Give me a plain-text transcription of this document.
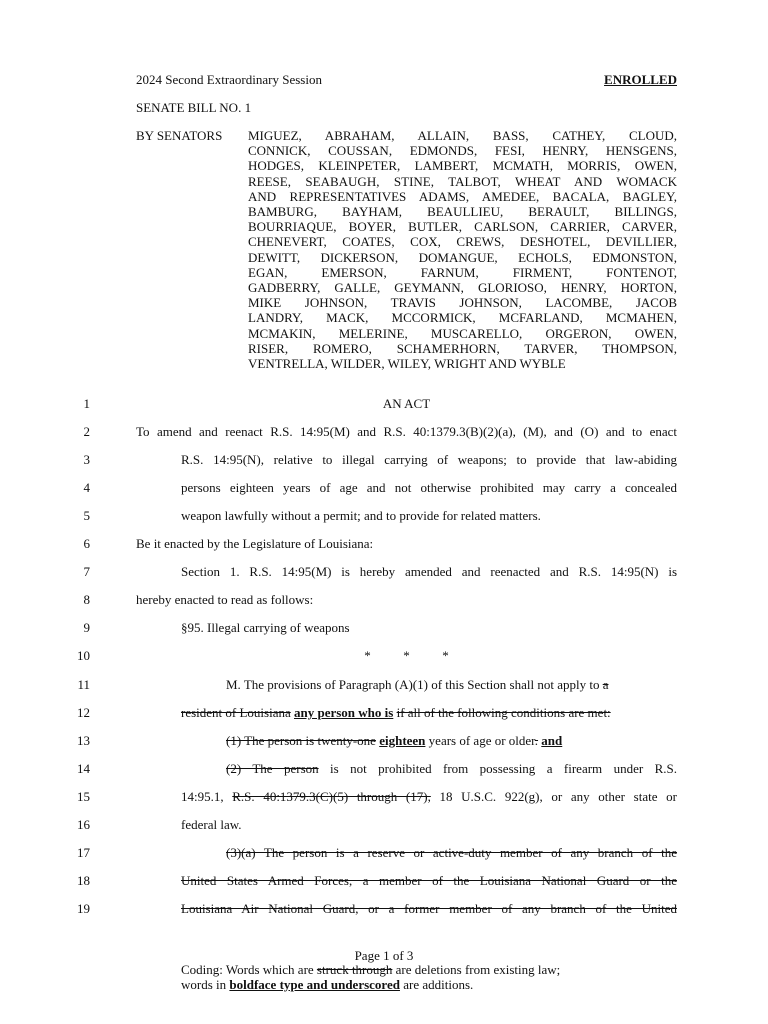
2024 Second Extraordinary Session	ENROLLED
SENATE BILL NO. 1
BY SENATORS MIGUEZ, ABRAHAM, ALLAIN, BASS, CATHEY, CLOUD,
CONNICK, COUSSAN, EDMONDS, FESI, HENRY, HENSGENS,
HODGES, KLEINPETER, LAMBERT, MCMATH, MORRIS, OWEN,
REESE, SEABAUGH, STINE, TALBOT, WHEAT AND WOMACK
AND REPRESENTATIVES ADAMS, AMEDEE, BACALA, BAGLEY,
BAMBURG, BAYHAM, BEAULLIEU, BERAULT, BILLINGS,
BOURRIAQUE, BOYER, BUTLER, CARLSON, CARRIER, CARVER,
CHENEVERT, COATES, COX, CREWS, DESHOTEL, DEVILLIER,
DEWITT, DICKERSON, DOMANGUE, ECHOLS, EDMONSTON,
EGAN, EMERSON, FARNUM, FIRMENT, FONTENOT,
GADBERRY, GALLE, GEYMANN, GLORIOSO, HENRY, HORTON,
MIKE JOHNSON, TRAVIS JOHNSON, LACOMBE, JACOB
LANDRY, MACK, MCCORMICK, MCFARLAND, MCMAHEN,
MCMAKIN, MELERINE, MUSCARELLO, ORGERON, OWEN,
RISER, ROMERO, SCHAMERHORN, TARVER, THOMPSON,
VENTRELLA, WILDER, WILEY, WRIGHT AND WYBLE
1
2
3
4
5
6
7
8
9
10
11
12
13
14
15
16
17
18
19
AN ACT
To amend and reenact R.S. 14:95(M) and R.S. 40:1379.3(B)(2)(a), (M), and (O) and to enact
R.S. 14:95(N), relative to illegal carrying of weapons; to provide that law-abiding
persons eighteen years of age and not otherwise prohibited may carry a concealed
weapon lawfully without a permit; and to provide for related matters.
Be it enacted by the Legislature of Louisiana:
Section 1. R.S. 14:95(M) is hereby amended and reenacted and R.S. 14:95(N) is
hereby enacted to read as follows:
§95. Illegal carrying of weapons
*          *          *
M. The provisions of Paragraph (A)(1) of this Section shall not apply to a
resident of Louisiana any person who is if all of the following conditions are met:
(1) The person is twenty-one eighteen years of age or older. and
(2) The person is not prohibited from possessing a firearm under R.S.
14:95.1, R.S. 40:1379.3(C)(5) through (17), 18 U.S.C. 922(g), or any other state or
federal law.
(3)(a) The person is a reserve or active-duty member of any branch of the
United States Armed Forces, a member of the Louisiana National Guard or the
Louisiana Air National Guard, or a former member of any branch of the United
Page 1 of 3
Coding: Words which are struck through are deletions from existing law;
words in boldface type and underscored are additions.
